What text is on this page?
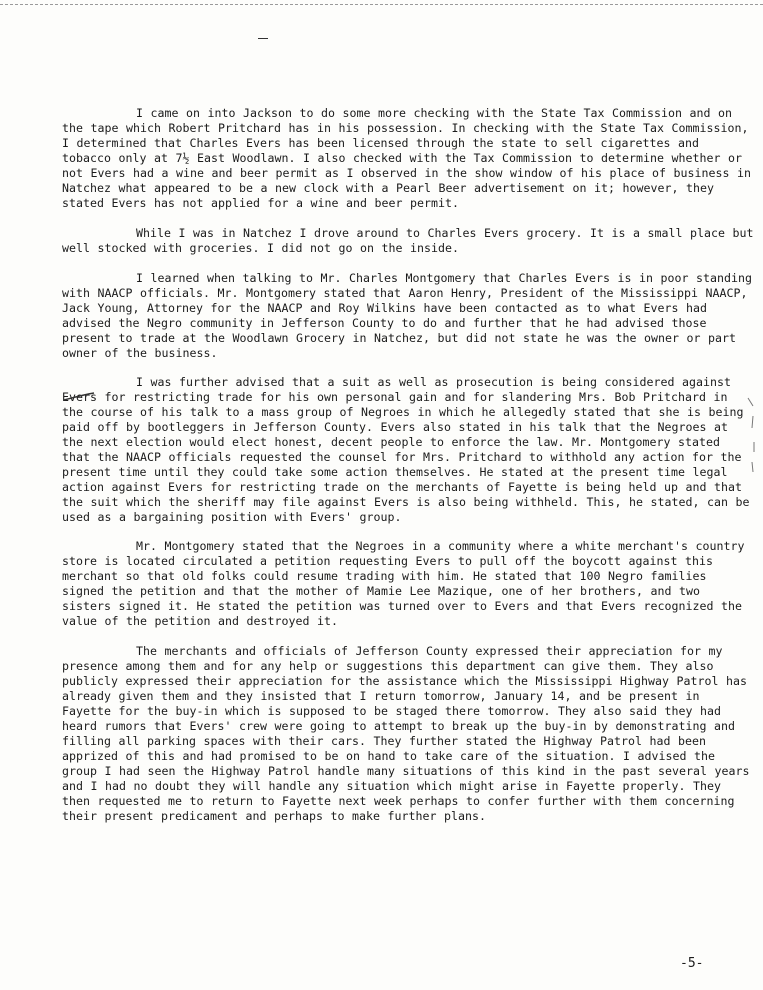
I came on into Jackson to do some more checking with the State Tax Commission and on the tape which Robert Pritchard has in his possession. In checking with the State Tax Commission, I determined that Charles Evers has been licensed through the state to sell cigarettes and tobacco only at 7½ East Woodlawn. I also checked with the Tax Commission to determine whether or not Evers had a wine and beer permit as I observed in the show window of his place of business in Natchez what appeared to be a new clock with a Pearl Beer advertisement on it; however, they stated Evers has not applied for a wine and beer permit.

While I was in Natchez I drove around to Charles Evers grocery. It is a small place but well stocked with groceries. I did not go on the inside.

I learned when talking to Mr. Charles Montgomery that Charles Evers is in poor standing with NAACP officials. Mr. Montgomery stated that Aaron Henry, President of the Mississippi NAACP, Jack Young, Attorney for the NAACP and Roy Wilkins have been contacted as to what Evers had advised the Negro community in Jefferson County to do and further that he had advised those present to trade at the Woodlawn Grocery in Natchez, but did not state he was the owner or part owner of the business.

I was further advised that a suit as well as prosecution is being considered against Evers for restricting trade for his own personal gain and for slandering Mrs. Bob Pritchard in the course of his talk to a mass group of Negroes in which he allegedly stated that she is being paid off by bootleggers in Jefferson County. Evers also stated in his talk that the Negroes at the next election would elect honest, decent people to enforce the law. Mr. Montgomery stated that the NAACP officials requested the counsel for Mrs. Pritchard to withhold any action for the present time until they could take some action themselves. He stated at the present time legal action against Evers for restricting trade on the merchants of Fayette is being held up and that the suit which the sheriff may file against Evers is also being withheld. This, he stated, can be used as a bargaining position with Evers' group.

Mr. Montgomery stated that the Negroes in a community where a white merchant's country store is located circulated a petition requesting Evers to pull off the boycott against this merchant so that old folks could resume trading with him. He stated that 100 Negro families signed the petition and that the mother of Mamie Lee Mazique, one of her brothers, and two sisters signed it. He stated the petition was turned over to Evers and that Evers recognized the value of the petition and destroyed it.

The merchants and officials of Jefferson County expressed their appreciation for my presence among them and for any help or suggestions this department can give them. They also publicly expressed their appreciation for the assistance which the Mississippi Highway Patrol has already given them and they insisted that I return tomorrow, January 14, and be present in Fayette for the buy-in which is supposed to be staged there tomorrow. They also said they had heard rumors that Evers' crew were going to attempt to break up the buy-in by demonstrating and filling all parking spaces with their cars. They further stated the Highway Patrol had been apprized of this and had promised to be on hand to take care of the situation. I advised the group I had seen the Highway Patrol handle many situations of this kind in the past several years and I had no doubt they will handle any situation which might arise in Fayette properly. They then requested me to return to Fayette next week perhaps to confer further with them concerning their present predicament and perhaps to make further plans.

-5-
